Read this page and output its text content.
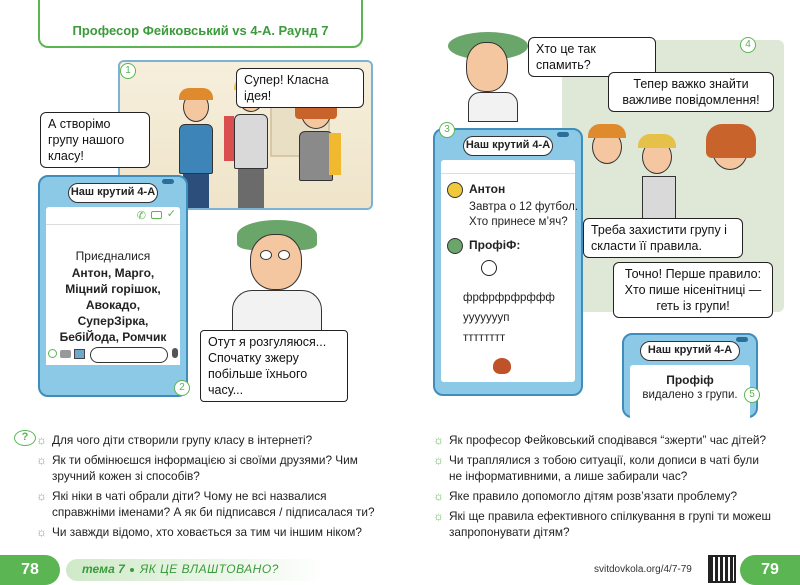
Професор Фейковський vs 4-А. Раунд 7
1
А створімо групу нашого класу!
Супер! Класна ідея!
Наш крутий 4-А
✆ ✓
Приєдналися
Антон, Марго, Міцний горішок, Авокадо, СуперЗірка, БебіЙода, Ромчик
2
Отут я розгуляюся... Спочатку зжеру побільше їхнього часу...
4
Хто це так спамить?
Тепер важко знайти важливе повідомлення!
Треба захистити групу і скласти її правила.
Точно! Перше правило: Хто пише нісенітниці — геть із групи!
Наш крутий 4-А
Антон
Завтра о 12 футбол. Хто принесе м’яч?
ПрофіФ:
фрфрфрфрффф
уууууууп
тттттттт
3
Наш крутий 4-А
Профіф
видалено з групи.	5
? ☼ Для чого діти створили групу класу в інтернеті?
☼ Як ти обмінюєшся інформацією зі своїми друзями? Чим зручний кожен зі способів?
☼ Які ніки в чаті обрали діти? Чому не всі назвалися справжніми іменами? А як би підписався / підписалася ти?
☼ Чи завжди відомо, хто ховається за тим чи іншим ніком?
☼ Як професор Фейковський сподівався “зжерти” час дітей?
☼ Чи траплялися з тобою ситуації, коли дописи в чаті були не інформативними, а лише забирали час?
☼ Яке правило допомогло дітям розв’язати проблему?
☼ Які ще правила ефективного спілкування в групі ти можеш запропонувати дітям?
78	тема 7 ЯК ЦЕ ВЛАШТОВАНО?	svitdovkola.org/4/7-79	79
